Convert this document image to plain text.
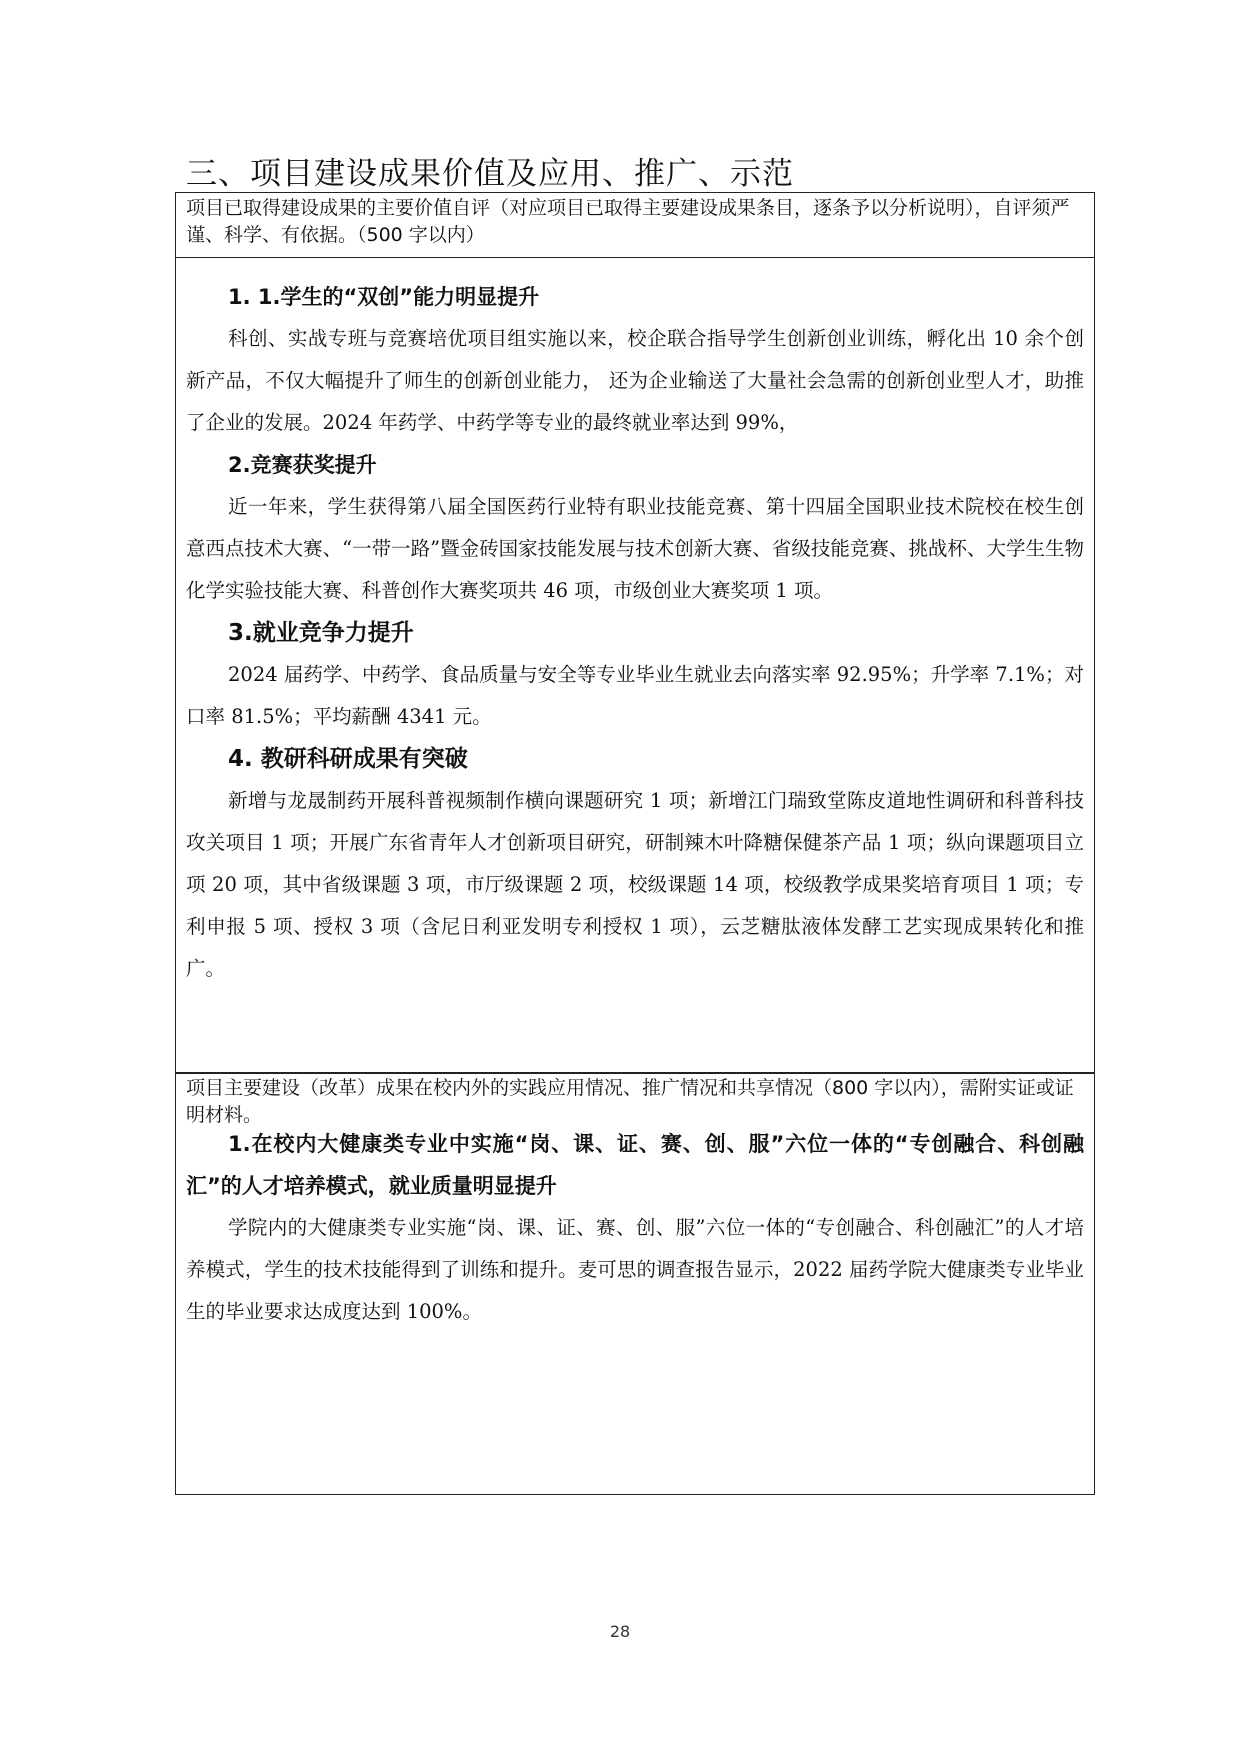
三、项目建设成果价值及应用、推广、示范

项目已取得建设成果的主要价值自评（对应项目已取得主要建设成果条目，逐条予以分析说明），自评须严谨、科学、有依据。（500 字以内）

1. 1.学生的“双创”能力明显提升

科创、实战专班与竞赛培优项目组实施以来，校企联合指导学生创新创业训练，孵化出 10 余个创新产品，不仅大幅提升了师生的创新创业能力， 还为企业输送了大量社会急需的创新创业型人才，助推了企业的发展。2024 年药学、中药学等专业的最终就业率达到 99%，

2.竞赛获奖提升

近一年来，学生获得第八届全国医药行业特有职业技能竞赛、第十四届全国职业技术院校在校生创意西点技术大赛、“一带一路”暨金砖国家技能发展与技术创新大赛、省级技能竞赛、挑战杯、大学生生物化学实验技能大赛、科普创作大赛奖项共 46 项，市级创业大赛奖项 1 项。

3.就业竞争力提升

2024 届药学、中药学、食品质量与安全等专业毕业生就业去向落实率 92.95%；升学率 7.1%；对口率 81.5%；平均薪酬 4341 元。

4. 教研科研成果有突破

新增与龙晟制药开展科普视频制作横向课题研究 1 项；新增江门瑞致堂陈皮道地性调研和科普科技攻关项目 1 项；开展广东省青年人才创新项目研究，研制辣木叶降糖保健茶产品 1 项；纵向课题项目立项 20 项，其中省级课题 3 项，市厅级课题 2 项，校级课题 14 项，校级教学成果奖培育项目 1 项；专利申报 5 项、授权 3 项（含尼日利亚发明专利授权 1 项），云芝糖肽液体发酵工艺实现成果转化和推广。

项目主要建设（改革）成果在校内外的实践应用情况、推广情况和共享情况（800 字以内），需附实证或证明材料。

1.在校内大健康类专业中实施“岗、课、证、赛、创、服”六位一体的“专创融合、科创融汇”的人才培养模式，就业质量明显提升

学院内的大健康类专业实施“岗、课、证、赛、创、服”六位一体的“专创融合、科创融汇”的人才培养模式，学生的技术技能得到了训练和提升。麦可思的调查报告显示，2022 届药学院大健康类专业毕业生的毕业要求达成度达到 100%。

28
